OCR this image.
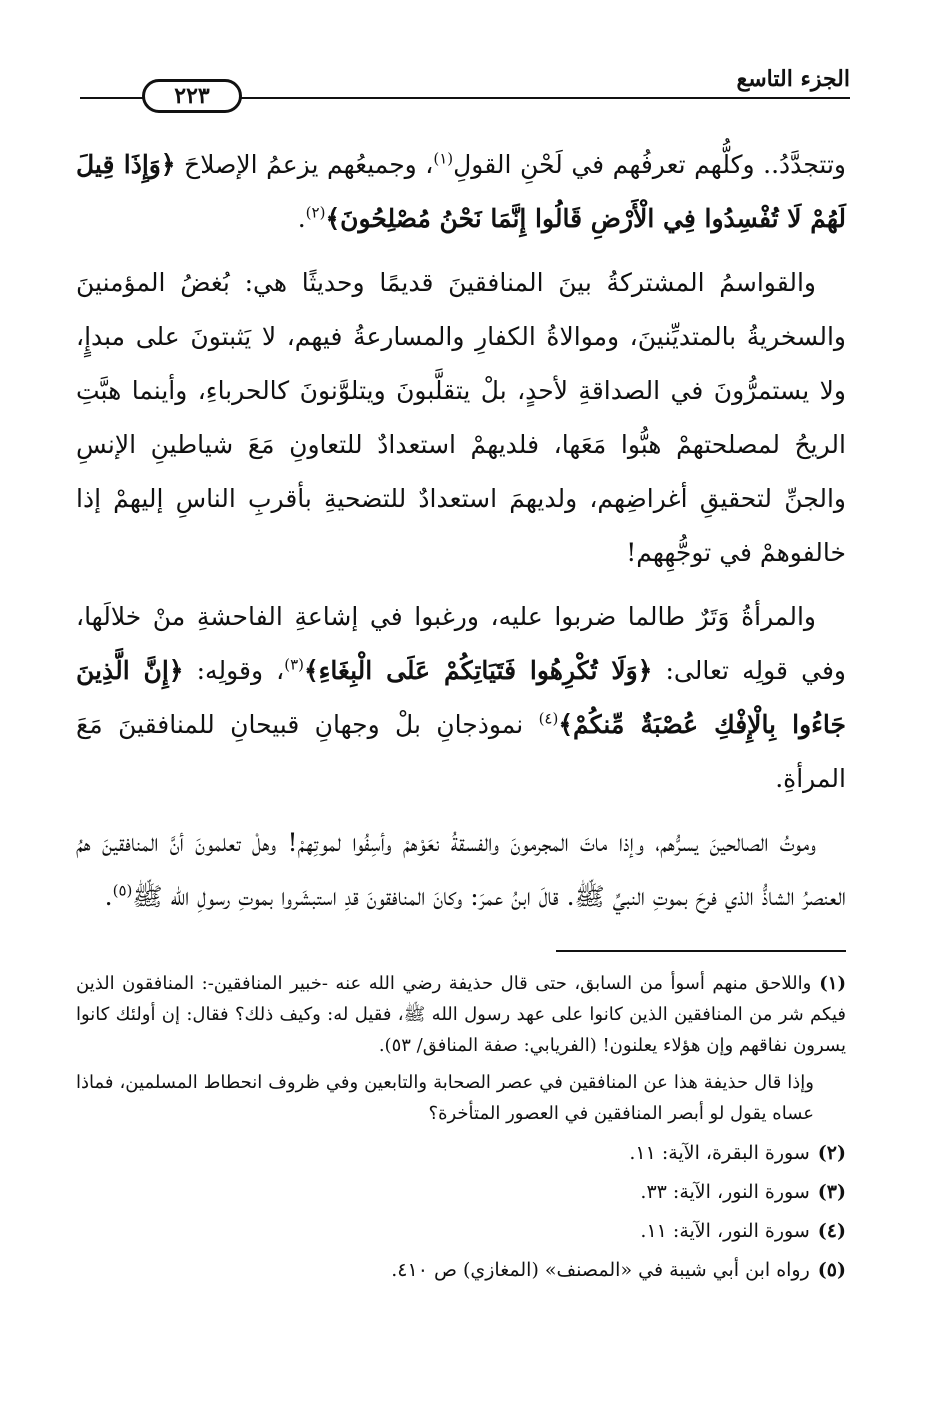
الجزء التاسع
٢٢٣

وتتجدَّدُ.. وكلُّهم تعرفُهم في لَحْنِ القولِ$^{(١)}$، وجميعُهم يزعمُ الإصلاحَ ﴿وَإِذَا قِيلَ لَهُمْ لَا تُفْسِدُوا فِي الْأَرْضِ قَالُوا إِنَّمَا نَحْنُ مُصْلِحُونَ﴾$^{(٢)}$.

والقواسمُ المشتركةُ بينَ المنافقينَ قديمًا وحديثًا هي: بُغضُ المؤمنينَ والسخريةُ بالمتديِّنينَ، وموالاةُ الكفارِ والمسارعةُ فيهم، لا يَثبتونَ على مبدإٍ، ولا يستمرُّونَ في الصداقةِ لأحدٍ، بلْ يتقلَّبونَ ويتلوَّنونَ كالحرباءِ، وأينما هبَّتِ الريحُ لمصلحتهمْ هبُّوا مَعَها، فلديهمْ استعدادٌ للتعاونِ مَعَ شياطينِ الإنسِ والجنِّ لتحقيقِ أغراضِهم، ولديهمَ استعدادٌ للتضحيةِ بأقربِ الناسِ إليهمْ إذا خالفوهمْ في توجُّهِهم!

والمرأةُ وَتَرٌ طالما ضربوا عليه، ورغبوا في إشاعةِ الفاحشةِ منْ خلالَها، وفي قولِه تعالى: ﴿وَلَا تُكْرِهُوا فَتَيَاتِكُمْ عَلَى الْبِغَاءِ﴾$^{(٣)}$، وقولِه: ﴿إِنَّ الَّذِينَ جَاءُوا بِالْإِفْكِ عُصْبَةٌ مِّنكُمْ﴾$^{(٤)}$ نموذجانِ بلْ وجهانِ قبيحانِ للمنافقينَ مَعَ المرأةِ.

وموتُ الصالحينَ يسرُّهم، وإذا ماتَ المجرمونَ والفسقةُ نعَوْهمْ وأسِفُوا لموتِهمْ! وهلْ تعلمونَ أنَّ المنافقينَ همُ العنصرُ الشاذُّ الذي فرحَ بموتِ النبيِّ ﷺ. قالَ ابنُ عمرَ: وكانَ المنافقونَ قدِ استبشَروا بموتِ رسولِ الله ﷺ$^{(٥)}$.

(١)واللاحق منهم أسوأ من السابق، حتى قال حذيفة رضي الله عنه -خبير المنافقين-: المنافقون الذين فيكم شر من المنافقين الذين كانوا على عهد رسول الله ﷺ، فقيل له: وكيف ذلك؟ فقال: إن أولئك كانوا يسرون نفاقهم وإن هؤلاء يعلنون! (الفريابي: صفة المنافق/ ٥٣).
وإذا قال حذيفة هذا عن المنافقين في عصر الصحابة والتابعين وفي ظروف انحطاط المسلمين، فماذا عساه يقول لو أبصر المنافقين في العصور المتأخرة؟
(٢)سورة البقرة، الآية: ١١.
(٣)سورة النور، الآية: ٣٣.
(٤)سورة النور، الآية: ١١.
(٥)رواه ابن أبي شيبة في «المصنف» (المغازي) ص ٤١٠.
